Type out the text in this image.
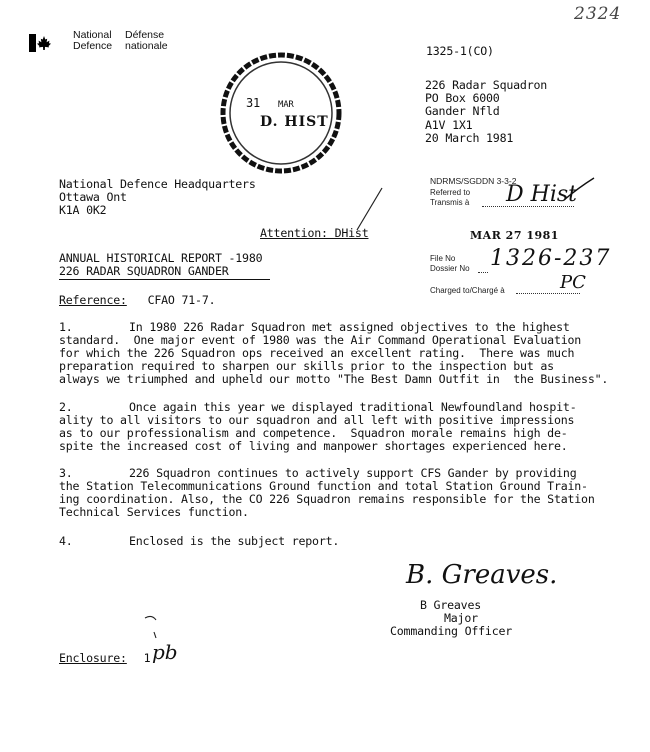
2324
National
Defence
Défense
nationale
31 MAR
D. HIST
1325-1(CO)
226 Radar Squadron
PO Box 6000
Gander Nfld
A1V 1X1
20 March 1981
National Defence Headquarters
Ottawa Ont
K1A 0K2
Attention: DHist
NDRMS/SGDDN 3-3-2
Referred to
Transmis à D Hist
MAR 27 1981
File No
Dossier No 1326-237
Charged to/Chargé à	PC
ANNUAL HISTORICAL REPORT -1980
226 RADAR SQUADRON GANDER
Reference: CFAO 71-7.
1.	In 1980 226 Radar Squadron met assigned objectives to the highest
standard.  One major event of 1980 was the Air Command Operational Evaluation
for which the 226 Squadron ops received an excellent rating.  There was much
preparation required to sharpen our skills prior to the inspection but as
always we triumphed and upheld our motto "The Best Damn Outfit in  the Business".
2.	Once again this year we displayed traditional Newfoundland hospit-
ality to all visitors to our squadron and all left with positive impressions
as to our professionalism and competence.  Squadron morale remains high de-
spite the increased cost of living and manpower shortages experienced here.
3.	226 Squadron continues to actively support CFS Gander by providing
the Station Telecommunications Ground function and total Station Ground Train-
ing coordination. Also, the CO 226 Squadron remains responsible for the Station
Technical Services function.
4.	Enclosed is the subject report.
B. Greaves.
B Greaves
Major
Commanding Officer
Enclosure: 1 pb
